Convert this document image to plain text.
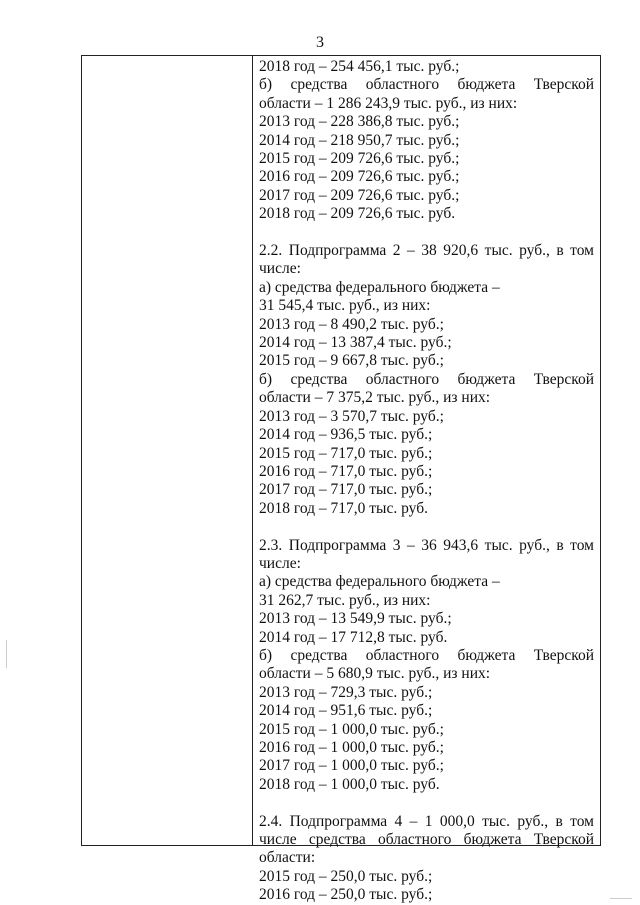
3
2018 год – 254 456,1 тыс. руб.;
б) средства областного бюджета Тверской
области – 1 286 243,9 тыс. руб., из них:
2013 год – 228 386,8 тыс. руб.;
2014 год – 218 950,7 тыс. руб.;
2015 год – 209 726,6 тыс. руб.;
2016 год – 209 726,6 тыс. руб.;
2017 год – 209 726,6 тыс. руб.;
2018 год – 209 726,6 тыс. руб.
2.2. Подпрограмма 2 – 38 920,6 тыс. руб., в том
числе:
а) средства федерального бюджета –
31 545,4 тыс. руб., из них:
2013 год – 8 490,2 тыс. руб.;
2014 год – 13 387,4 тыс. руб.;
2015 год – 9 667,8 тыс. руб.;
б) средства областного бюджета Тверской
области – 7 375,2 тыс. руб., из них:
2013 год – 3 570,7 тыс. руб.;
2014 год – 936,5 тыс. руб.;
2015 год – 717,0 тыс. руб.;
2016 год – 717,0 тыс. руб.;
2017 год – 717,0 тыс. руб.;
2018 год – 717,0 тыс. руб.
2.3. Подпрограмма 3 – 36 943,6 тыс. руб., в том
числе:
а) средства федерального бюджета –
31 262,7 тыс. руб., из них:
2013 год – 13 549,9 тыс. руб.;
2014 год – 17 712,8 тыс. руб.
б) средства областного бюджета Тверской
области – 5 680,9 тыс. руб., из них:
2013 год – 729,3 тыс. руб.;
2014 год – 951,6 тыс. руб.;
2015 год – 1 000,0 тыс. руб.;
2016 год – 1 000,0 тыс. руб.;
2017 год – 1 000,0 тыс. руб.;
2018 год – 1 000,0 тыс. руб.
2.4. Подпрограмма 4 – 1 000,0 тыс. руб., в том
числе средства областного бюджета Тверской
области:
2015 год – 250,0 тыс. руб.;
2016 год – 250,0 тыс. руб.;
